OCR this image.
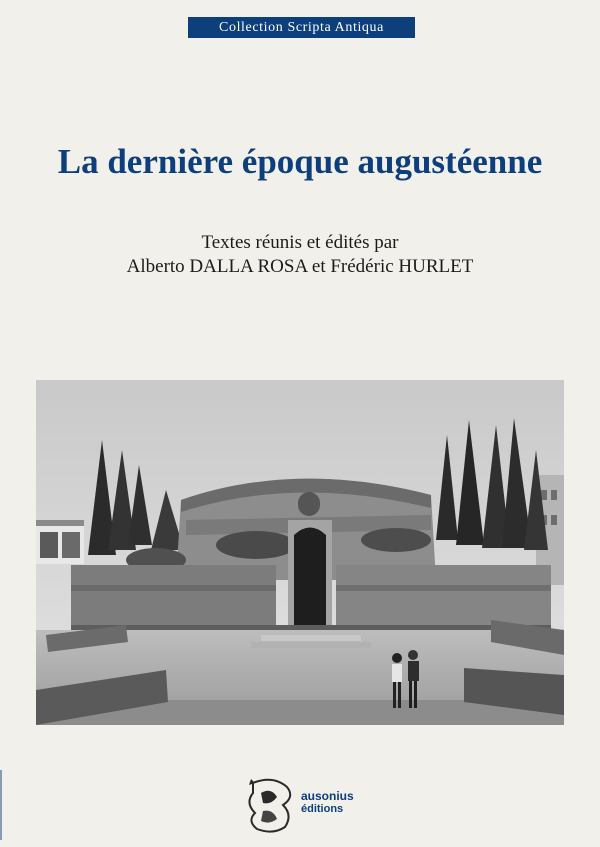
Collection Scripta Antiqua
La dernière époque augustéenne
Textes réunis et édités par
Alberto DALLA ROSA et Frédéric HURLET
ausonius
éditions
